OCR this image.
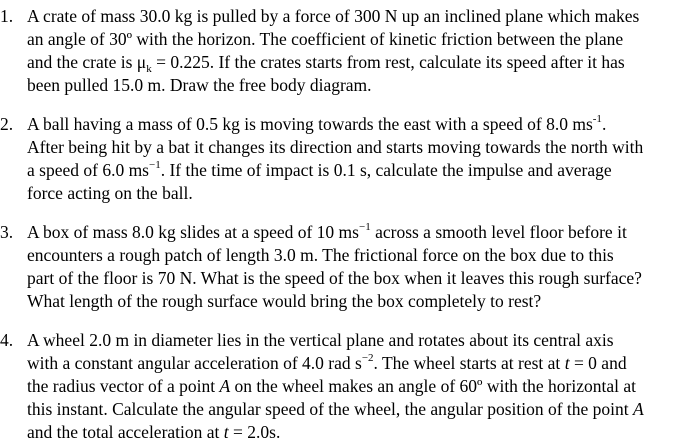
1. A crate of mass 30.0 kg is pulled by a force of 300 N up an inclined plane which makes
an angle of 30º with the horizon. The coefficient of kinetic friction between the plane
and the crate is $\mu_k = 0.225$. If the crates starts from rest, calculate its speed after it has
been pulled 15.0 m. Draw the free body diagram.
2. A ball having a mass of 0.5 kg is moving towards the east with a speed of 8.0 $ms^{-1}$.
After being hit by a bat it changes its direction and starts moving towards the north with
a speed of 6.0 $ms^{-1}$. If the time of impact is 0.1 s, calculate the impulse and average
force acting on the ball.
3. A box of mass 8.0 kg slides at a speed of 10 $ms^{-1}$ across a smooth level floor before it
encounters a rough patch of length 3.0 m. The frictional force on the box due to this
part of the floor is 70 N. What is the speed of the box when it leaves this rough surface?
What length of the rough surface would bring the box completely to rest?
4. A wheel 2.0 m in diameter lies in the vertical plane and rotates about its central axis
with a constant angular acceleration of 4.0 rad $s^{-2}$. The wheel starts at rest at t = 0 and
the radius vector of a point A on the wheel makes an angle of 60º with the horizontal at
this instant. Calculate the angular speed of the wheel, the angular position of the point A
and the total acceleration at t = 2.0s.
